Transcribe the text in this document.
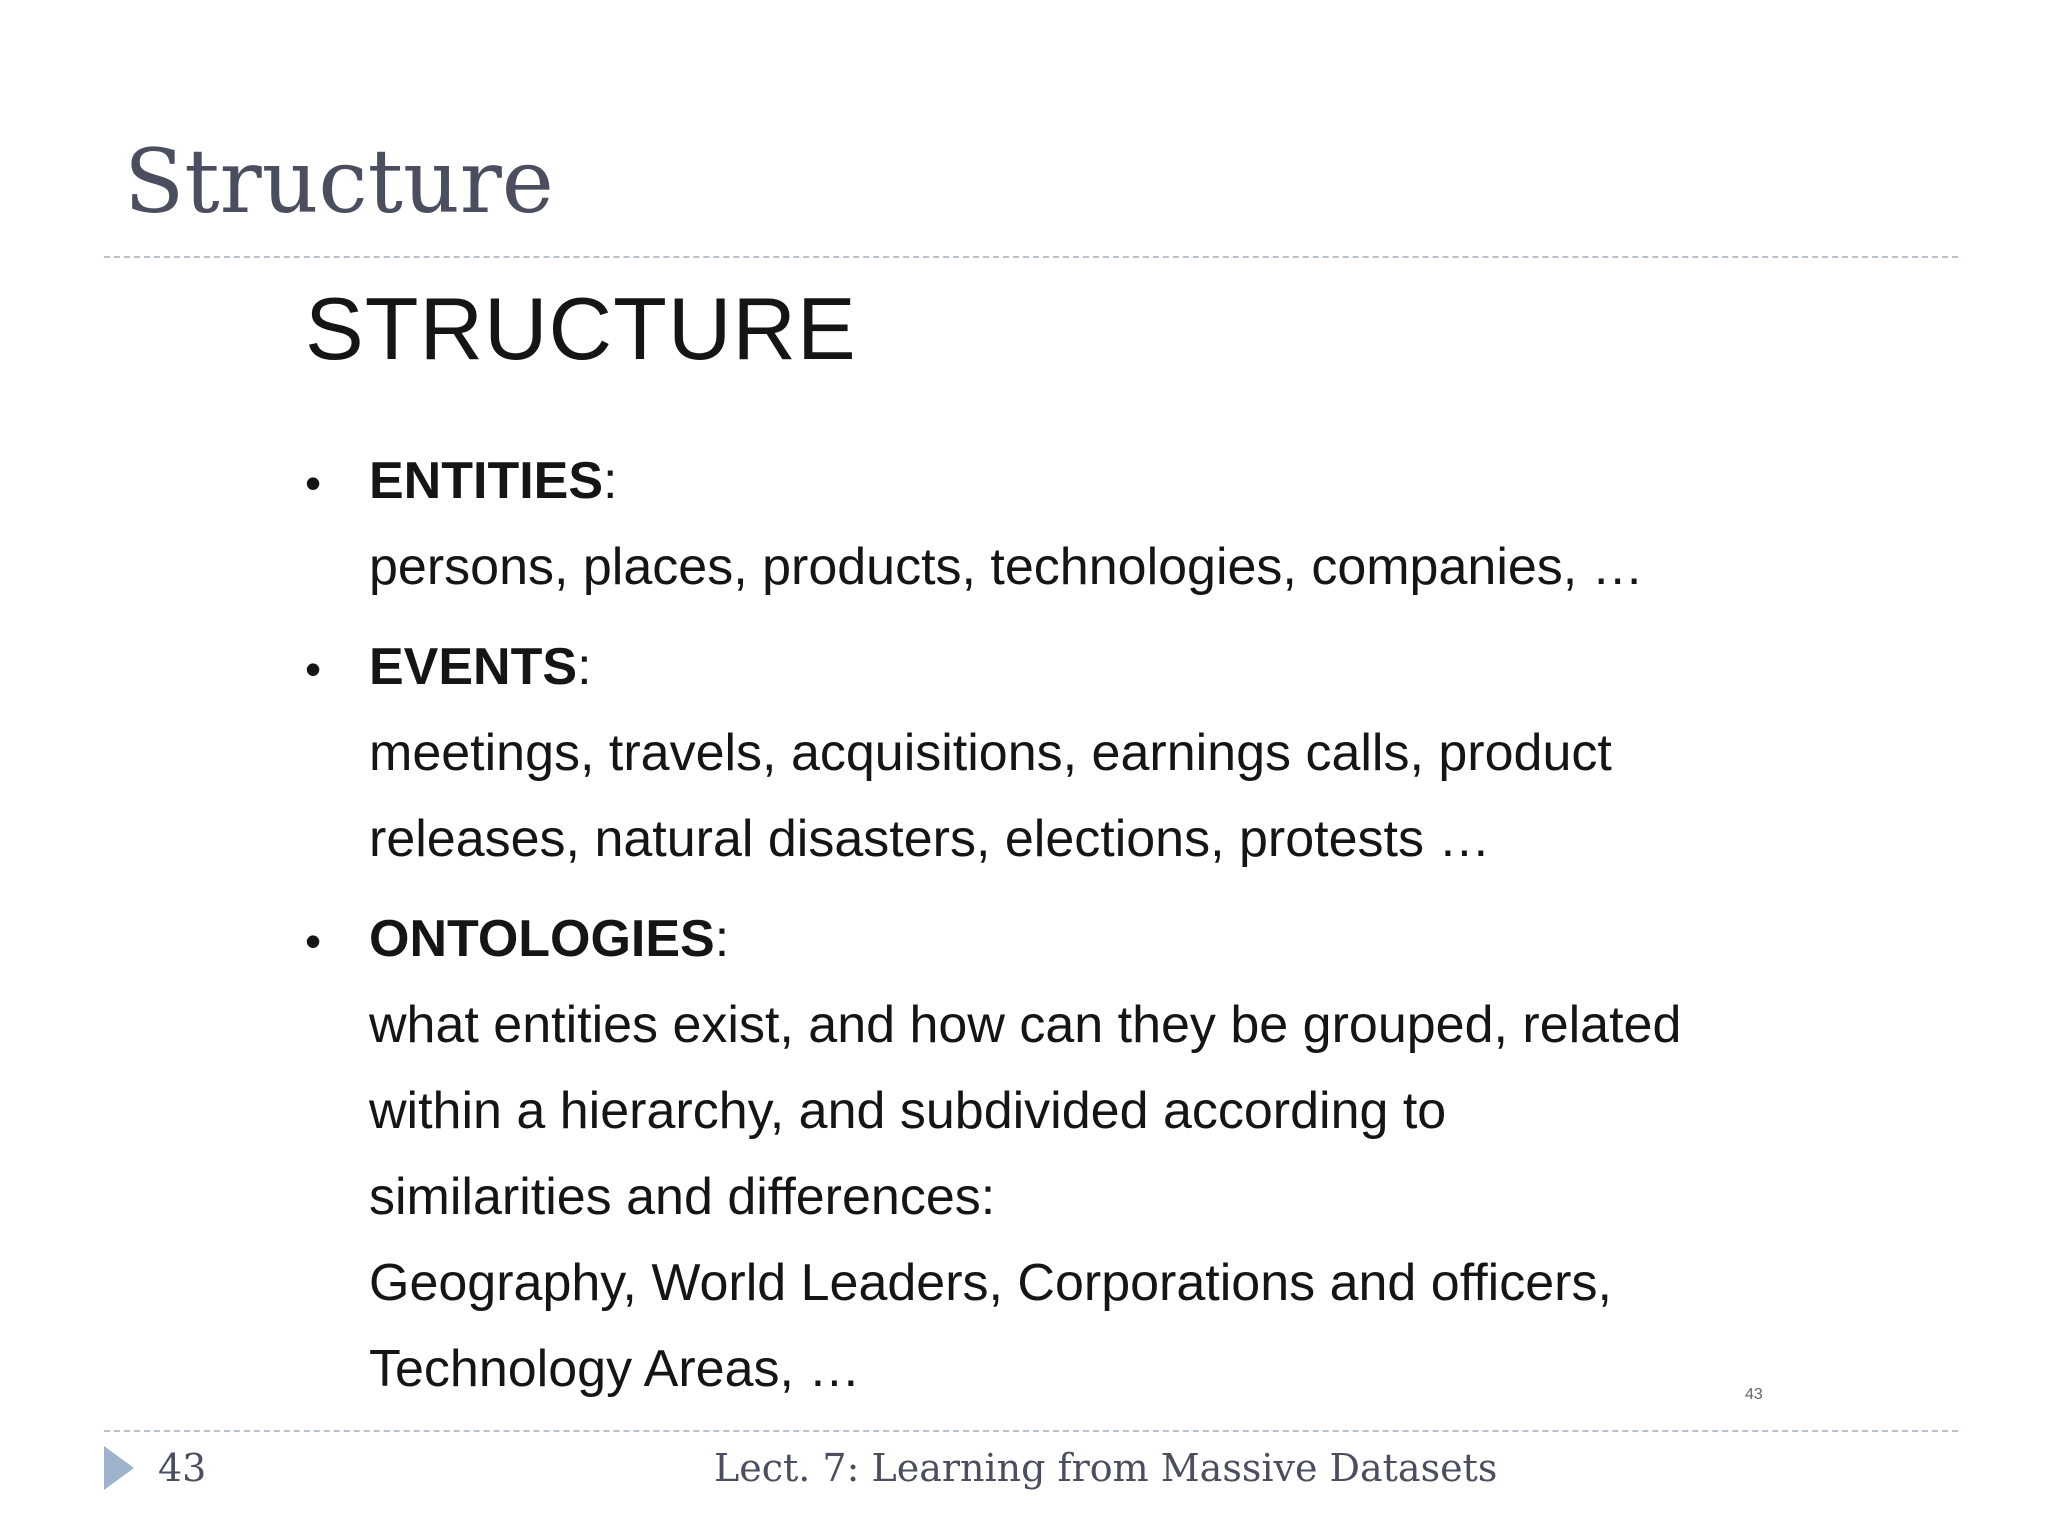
Structure
STRUCTURE
• ENTITIES:
persons, places, products, technologies, companies, …
• EVENTS:
meetings, travels, acquisitions, earnings calls, product
releases, natural disasters, elections, protests …
• ONTOLOGIES:
what entities exist, and how can they be grouped, related
within a hierarchy, and subdivided according to
similarities and differences:
Geography, World Leaders, Corporations and officers,
Technology Areas, …	43
43	Lect. 7: Learning from Massive Datasets
